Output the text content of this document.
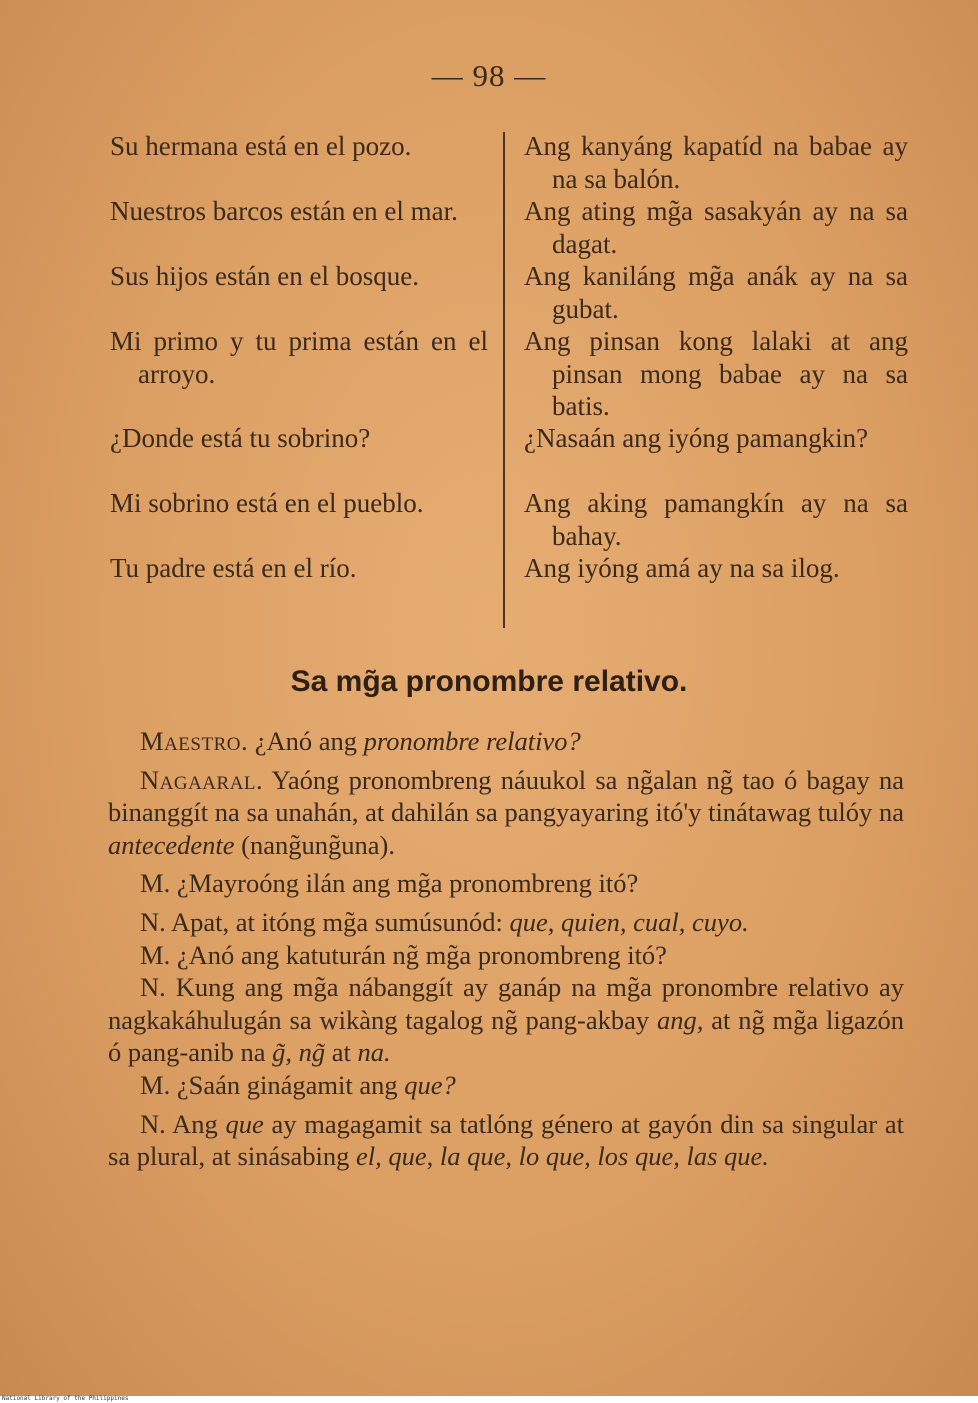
— 98 —

Su hermana está en el pozo.

Nuestros barcos están en el mar.

Sus hijos están en el bosque.

Mi primo y tu prima están en el arroyo.

¿Donde está tu sobrino?

Mi sobrino está en el pueblo.

Tu padre está en el río.

Ang kanyáng kapatíd na babae ay na sa balón.

Ang ating mg̃a sasakyán ay na sa dagat.

Ang kaniláng mg̃a anák ay na sa gubat.

Ang pinsan kong lalaki at ang pinsan mong babae ay na sa batis.

¿Nasaán ang iyóng pamangkin?

Ang aking pamangkín ay na sa bahay.

Ang iyóng amá ay na sa ilog.

Sa mg̃a pronombre relativo.

Maestro. ¿Anó ang pronombre relativo?

Nagaaral. Yaóng pronombreng náuukol sa ng̃alan ng̃ tao ó bagay na binanggít na sa unahán, at dahilán sa pangyayaring itó'y tinátawag tulóy na antecedente (nang̃ung̃una).

M. ¿Mayroóng ilán ang mg̃a pronombreng itó?

N. Apat, at itóng mg̃a sumúsunód: que, quien, cual, cuyo.

M. ¿Anó ang katuturán ng̃ mg̃a pronombreng itó?

N. Kung ang mg̃a nábanggít ay ganáp na mg̃a pronombre relativo ay nagkakáhulugán sa wikàng tagalog ng̃ pang-akbay ang, at ng̃ mg̃a ligazón ó pang-anib na g̃, ng̃ at na.

M. ¿Saán ginágamit ang que?

N. Ang que ay magagamit sa tatlóng género at gayón din sa singular at sa plural, at sinásabing el, que, la que, lo que, los que, las que.

National Library of the Philippines
